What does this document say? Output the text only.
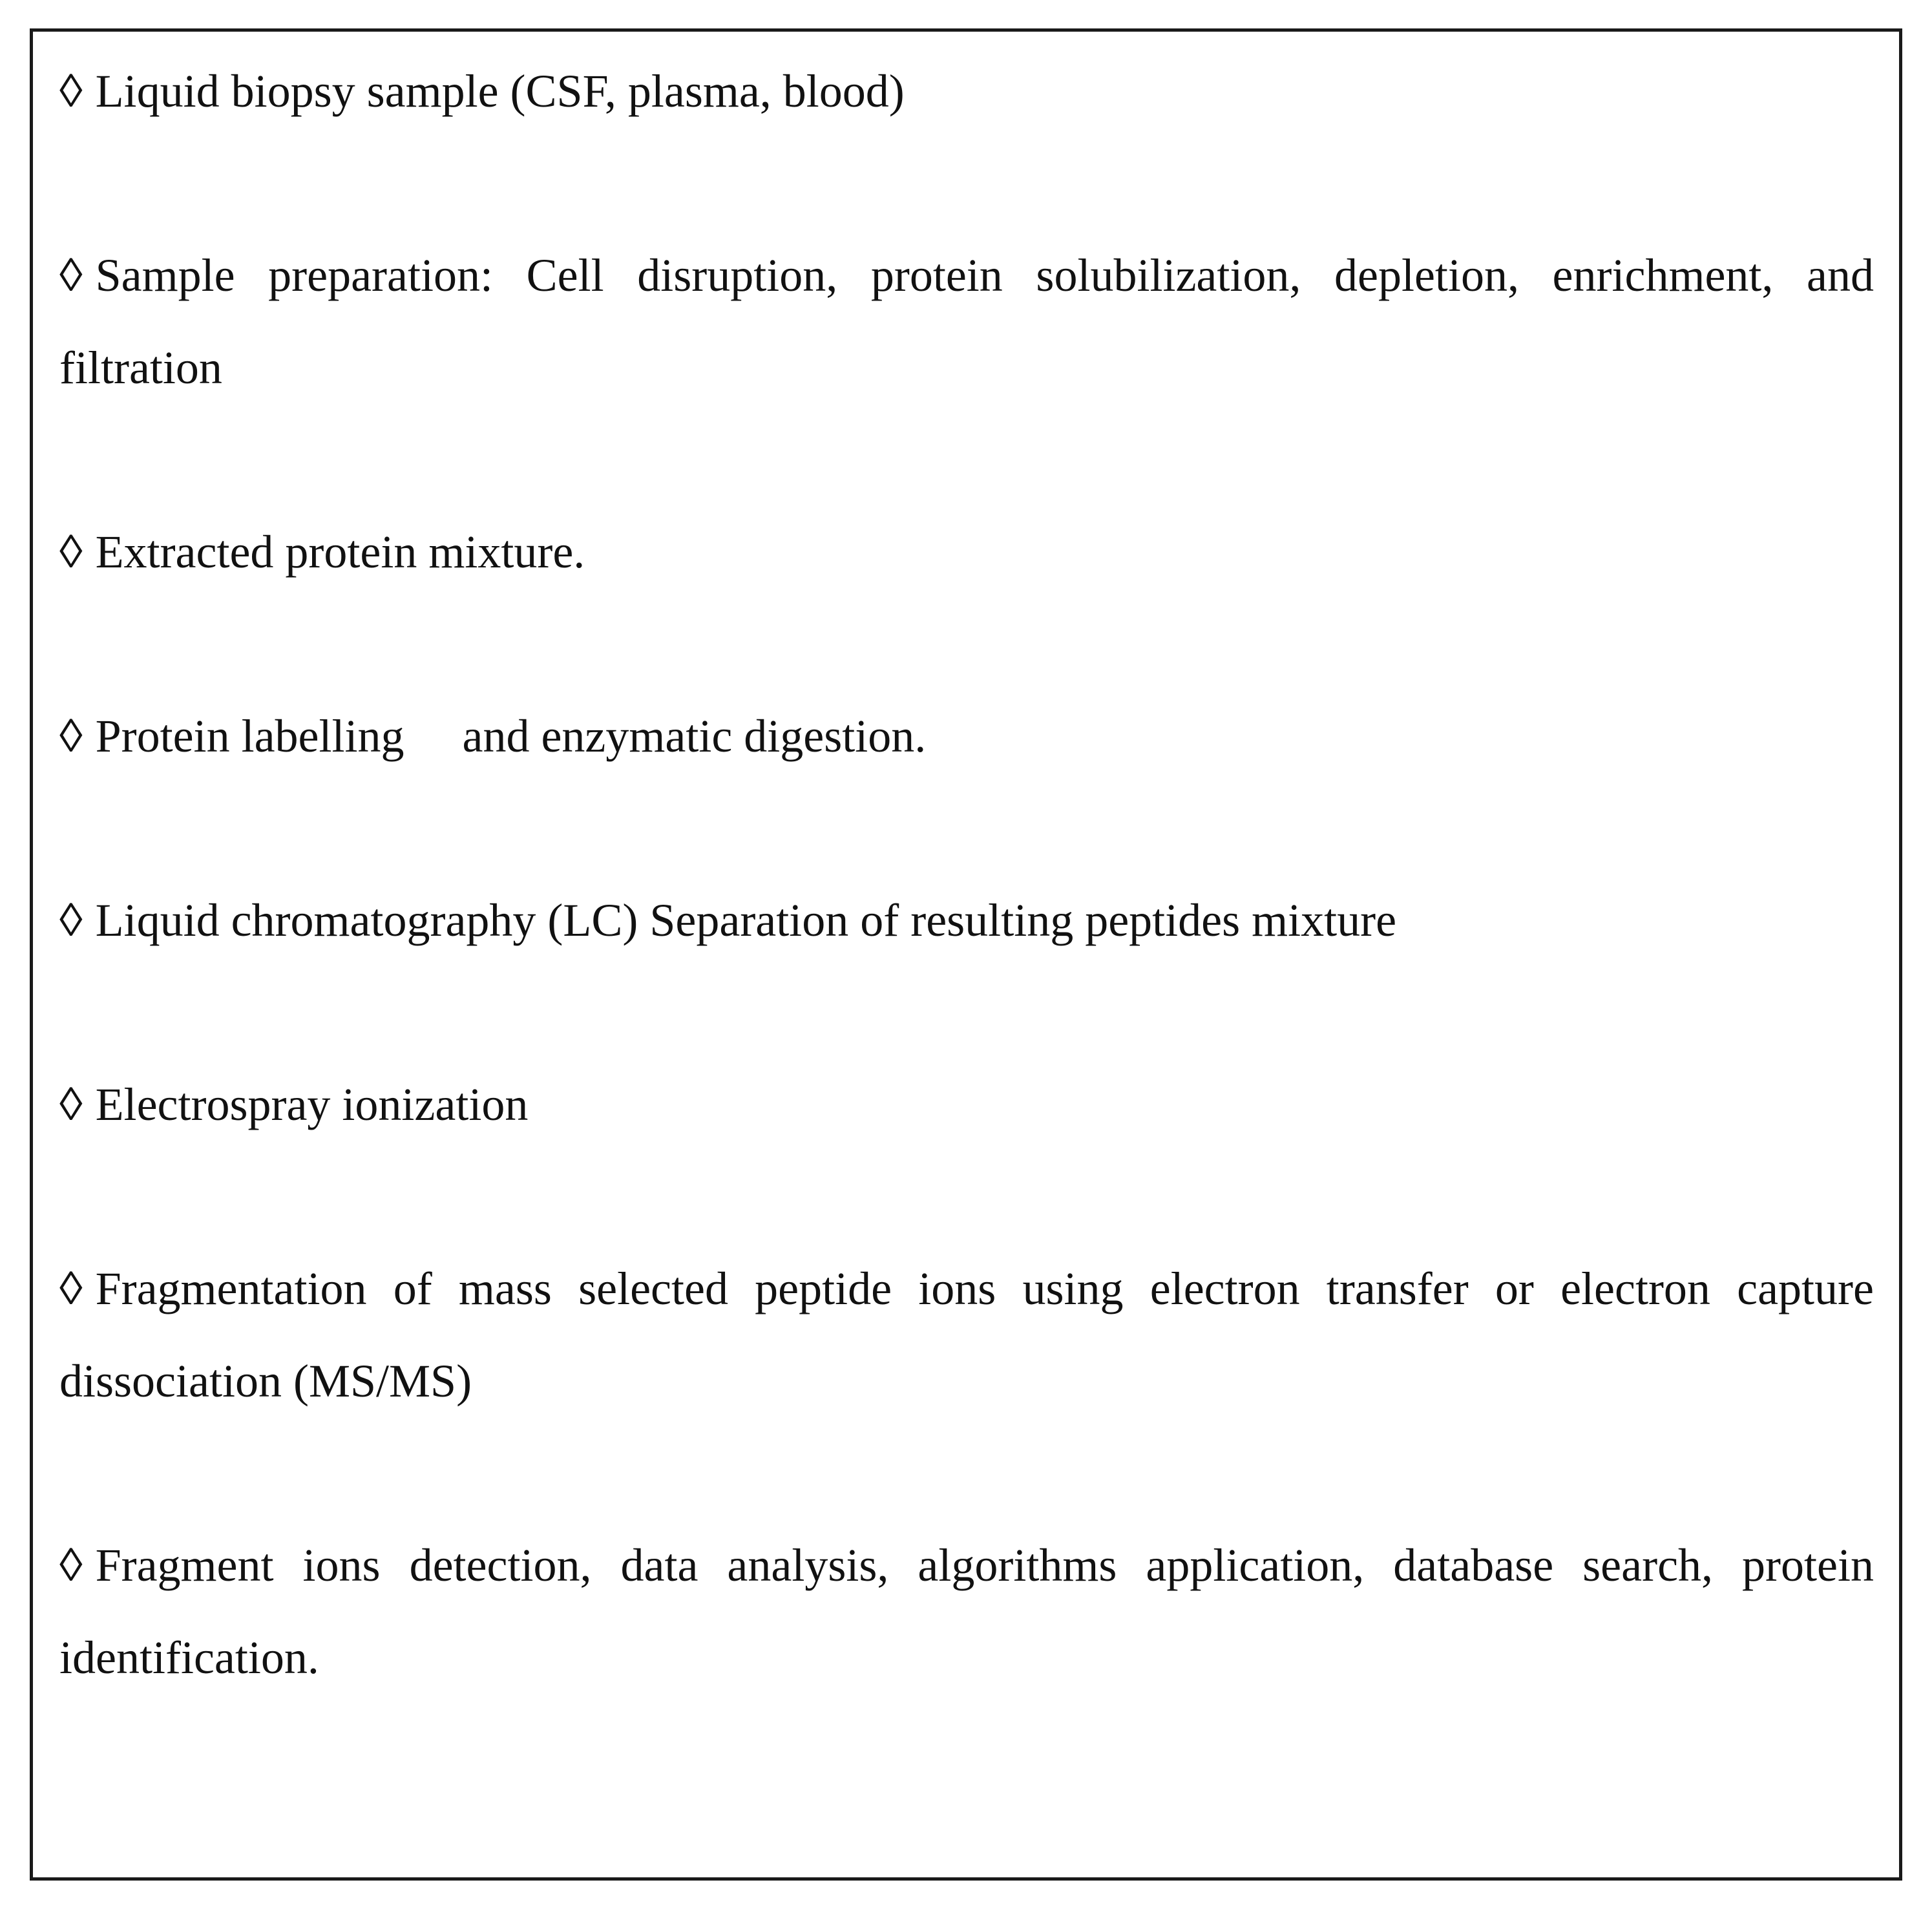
◊ Liquid biopsy sample (CSF, plasma, blood)
◊ Sample preparation: Cell disruption, protein solubilization, depletion, enrichment, and filtration
◊ Extracted protein mixture.
◊ Protein labelling and enzymatic digestion.
◊ Liquid chromatography (LC) Separation of resulting peptides mixture
◊ Electrospray ionization
◊ Fragmentation of mass selected peptide ions using electron transfer or electron capture dissociation (MS/MS)
◊ Fragment ions detection, data analysis, algorithms application, database search, protein identification.
